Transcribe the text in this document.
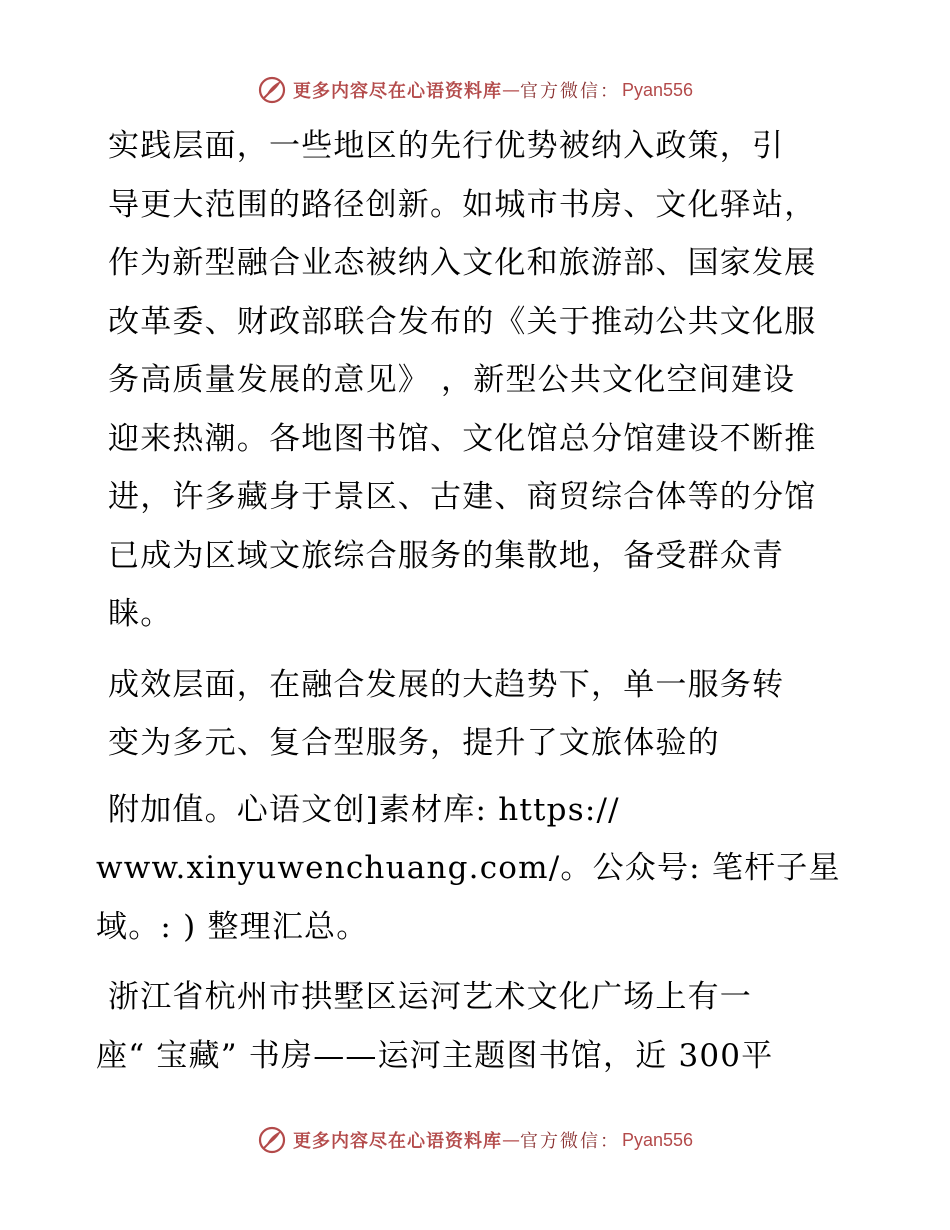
更多内容尽在心语资料库 — 官方微信： Pyan556

实践层面，一些地区的先行优势被纳入政策，引
导更大范围的路径创新。如城市书房、文化驿站，
作为新型融合业态被纳入文化和旅游部、国家发展
改革委、财政部联合发布的《关于推动公共文化服
务高质量发展的意见》 ，新型公共文化空间建设
迎来热潮。各地图书馆、文化馆总分馆建设不断推
进，许多藏身于景区、古建、商贸综合体等的分馆
已成为区域文旅综合服务的集散地，备受群众青
睐。

成效层面，在融合发展的大趋势下，单一服务转
变为多元、复合型服务，提升了文旅体验的

附加值。心语文创]素材库: https://
www.xinyuwenchuang.com/。公众号: 笔杆子星
域。: ) 整理汇总。

浙江省杭州市拱墅区运河艺术文化广场上有一
座“ 宝藏” 书房——运河主题图书馆，近 300平

更多内容尽在心语资料库 — 官方微信： Pyan556
